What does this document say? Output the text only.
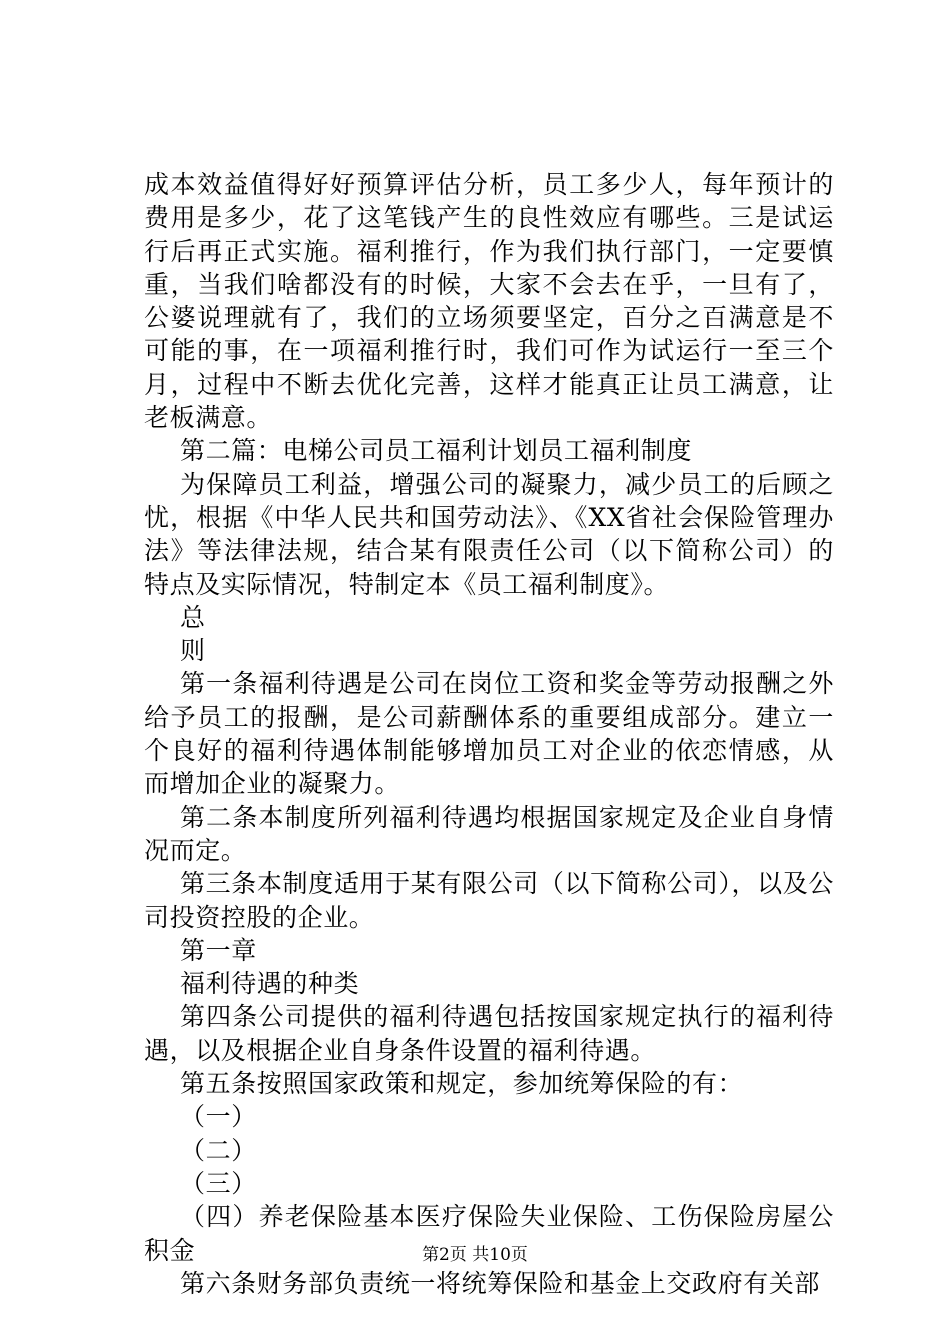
成本效益值得好好预算评估分析，员工多少人，每年预计的费用是多少，花了这笔钱产生的良性效应有哪些。三是试运行后再正式实施。福利推行，作为我们执行部门，一定要慎重，当我们啥都没有的时候，大家不会去在乎，一旦有了，公婆说理就有了，我们的立场须要坚定，百分之百满意是不可能的事，在一项福利推行时，我们可作为试运行一至三个月，过程中不断去优化完善，这样才能真正让员工满意，让老板满意。

第二篇：电梯公司员工福利计划员工福利制度

为保障员工利益，增强公司的凝聚力，减少员工的后顾之忧，根据《中华人民共和国劳动法》、《XX省社会保险管理办法》等法律法规，结合某有限责任公司（以下简称公司）的特点及实际情况，特制定本《员工福利制度》。

总

则

第一条福利待遇是公司在岗位工资和奖金等劳动报酬之外给予员工的报酬，是公司薪酬体系的重要组成部分。建立一个良好的福利待遇体制能够增加员工对企业的依恋情感，从而增加企业的凝聚力。

第二条本制度所列福利待遇均根据国家规定及企业自身情况而定。

第三条本制度适用于某有限公司（以下简称公司），以及公司投资控股的企业。

第一章

福利待遇的种类

第四条公司提供的福利待遇包括按国家规定执行的福利待遇，以及根据企业自身条件设置的福利待遇。

第五条按照国家政策和规定，参加统筹保险的有：

（一）

（二）

（三）

（四）养老保险基本医疗保险失业保险、工伤保险房屋公积金

第六条财务部负责统一将统筹保险和基金上交政府有关部

第2页 共10页
